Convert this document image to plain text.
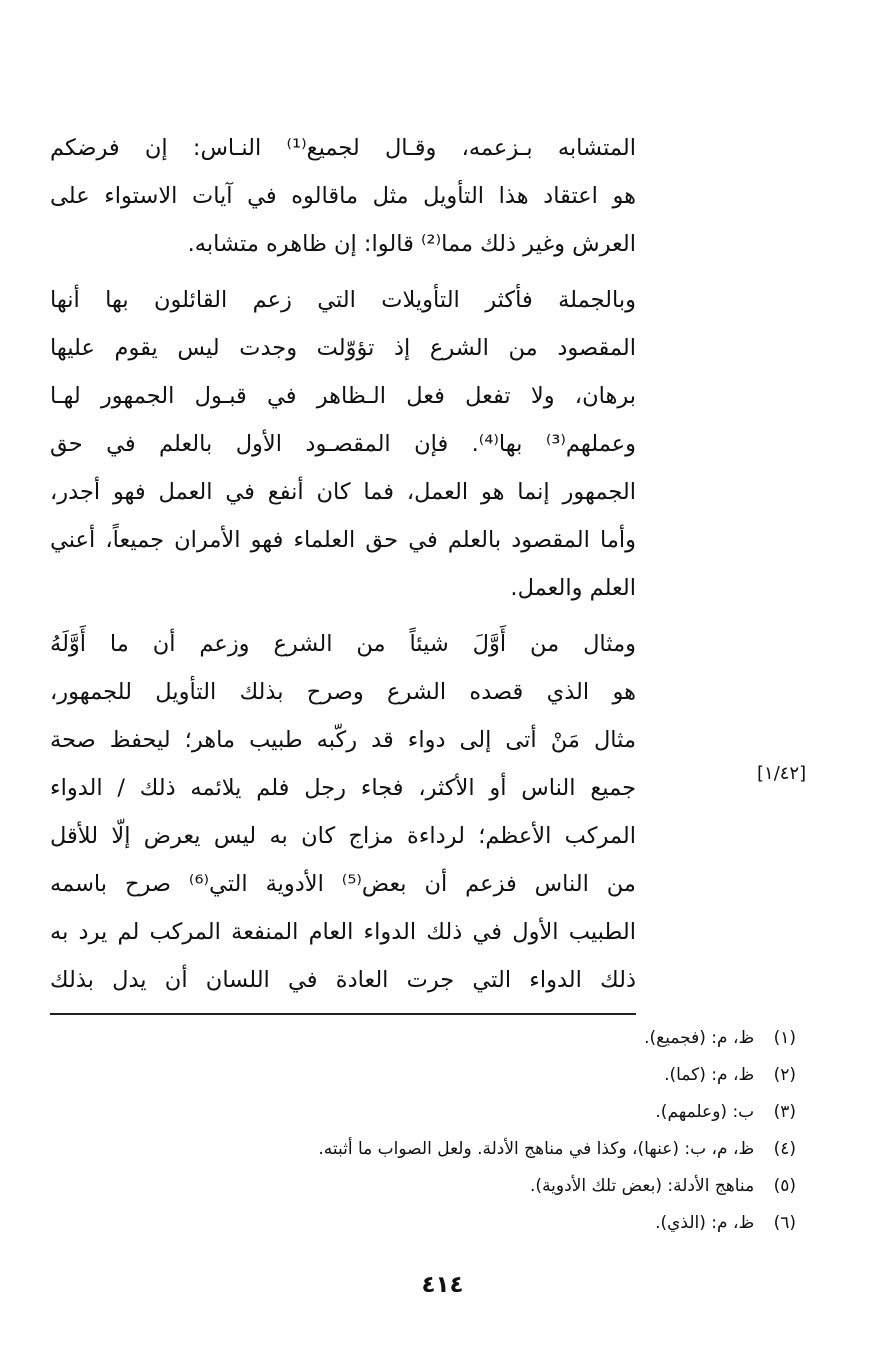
المتشابه بـزعمه، وقـال لجميع⁽¹⁾ النـاس: إن فرضكم
هو اعتقاد هذا التأويل مثل ماقالوه في آيات الاستواء على
العرش وغير ذلك مما⁽²⁾ قالوا: إن ظاهره متشابه.
وبالجملة فأكثر التأويلات التي زعم القائلون بها أنها
المقصود من الشرع إذ تؤوّلت وجدت ليس يقوم عليها
برهان، ولا تفعل فعل الـظاهر في قبـول الجمهور لهـا
وعملهم⁽³⁾ بها⁽⁴⁾. فإن المقصـود الأول بالعلم في حق
الجمهور إنما هو العمل، فما كان أنفع في العمل فهو أجدر،
وأما المقصود بالعلم في حق العلماء فهو الأمران جميعاً، أعني
العلم والعمل.
ومثال من أَوَّلَ شيئاً من الشرع وزعم أن ما أَوَّلَهُ
هو الذي قصده الشرع وصرح بذلك التأويل للجمهور،
مثال مَنْ أتى إلى دواء قد ركّبه طبيب ماهر؛ ليحفظ صحة
جميع الناس أو الأكثر، فجاء رجل فلم يلائمه ذلك / الدواء
المركب الأعظم؛ لرداءة مزاج كان به ليس يعرض إلّا للأقل
من الناس فزعم أن بعض⁽⁵⁾ الأدوية التي⁽⁶⁾ صرح باسمه
الطبيب الأول في ذلك الدواء العام المنفعة المركب لم يرد به
ذلك الدواء التي جرت العادة في اللسان أن يدل بذلك
[١/٤٢]
(١) ظ، م: (فجميع).
(٢) ظ، م: (كما).
(٣) ب: (وعلمهم).
(٤) ظ، م، ب: (عنها)، وكذا في مناهج الأدلة. ولعل الصواب ما أثبته.
(٥) مناهج الأدلة: (بعض تلك الأدوية).
(٦) ظ، م: (الذي).
٤١٤
